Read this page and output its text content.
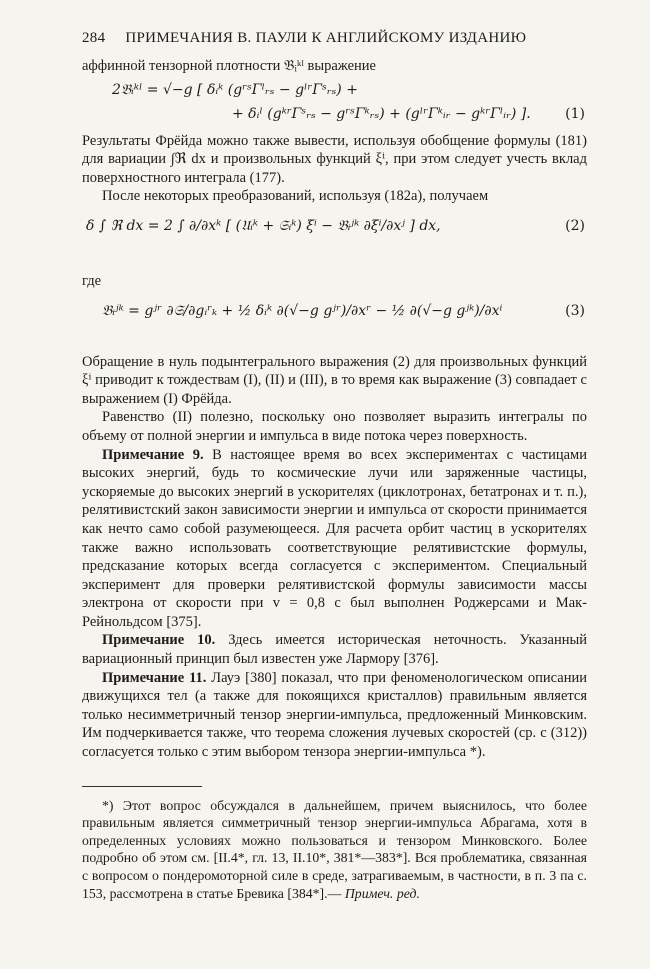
284 ПРИМЕЧАНИЯ В. ПАУЛИ К АНГЛИЙСКОМУ ИЗДАНИЮ

аффинной тензорной плотности 𝔅ᵢᵏˡ выражение

2𝔅ᵢᵏˡ = √−g [ δᵢᵏ (gʳˢΓˡᵣₛ − gˡʳΓˢᵣₛ) +
+ δᵢˡ (gᵏʳΓˢᵣₛ − gʳˢΓᵏᵣₛ) + (gˡʳΓᵏᵢᵣ − gᵏʳΓˡᵢᵣ) ]. (1)

Результаты Фрёйда можно также вывести, используя обобщение формулы (181) для вариации ∫ℜ dx и произвольных функций ξⁱ, при этом следует учесть вклад поверхностного интеграла (177).

После некоторых преобразований, используя (182а), получаем

δ ∫ ℜ dx = 2 ∫ ∂/∂xᵏ [ (𝔘ᵢᵏ + 𝔖ᵢᵏ) ξⁱ − 𝔅ᵢʲᵏ ∂ξⁱ/∂xʲ ] dx,	(2)

где

𝔅ᵢʲᵏ = gʲʳ ∂𝔖/∂gᵢʳₖ + ½ δᵢᵏ ∂(√−g gʲʳ)/∂xʳ − ½ ∂(√−g gʲᵏ)/∂xⁱ	(3)

Обращение в нуль подынтегрального выражения (2) для произвольных функций ξⁱ приводит к тождествам (I), (II) и (III), в то время как выражение (3) совпадает с выражением (I) Фрёйда.

Равенство (II) полезно, поскольку оно позволяет выразить интегралы по объему от полной энергии и импульса в виде потока через поверхность.

Примечание 9. В настоящее время во всех экспериментах с частицами высоких энергий, будь то космические лучи или заряженные частицы, ускоряемые до высоких энергий в ускорителях (циклотронах, бетатронах и т. п.), релятивистский закон зависимости энергии и импульса от скорости принимается как нечто само собой разумеющееся. Для расчета орбит частиц в ускорителях также важно использовать соответствующие релятивистские формулы, предсказание которых всегда согласуется с экспериментом. Специальный эксперимент для проверки релятивистской формулы зависимости массы электрона от скорости при v = 0,8 c был выполнен Роджерсами и Мак-Рейнольдсом [375].

Примечание 10. Здесь имеется историческая неточность. Указанный вариационный принцип был известен уже Лармору [376].

Примечание 11. Лауэ [380] показал, что при феноменологическом описании движущихся тел (а также для покоящихся кристаллов) правильным является только несимметричный тензор энергии-импульса, предложенный Минковским. Им подчеркивается также, что теорема сложения лучевых скоростей (ср. с (312)) согласуется только с этим выбором тензора энергии-импульса *).

*) Этот вопрос обсуждался в дальнейшем, причем выяснилось, что более правильным является симметричный тензор энергии-импульса Абрагама, хотя в определенных условиях можно пользоваться и тензором Минковского. Более подробно об этом см. [II.4*, гл. 13, II.10*, 381*—383*]. Вся проблематика, связанная с вопросом о пондеромоторной силе в среде, затрагиваемым, в частности, в п. 3 па с. 153, рассмотрена в статье Бревика [384*].— Примеч. ред.
